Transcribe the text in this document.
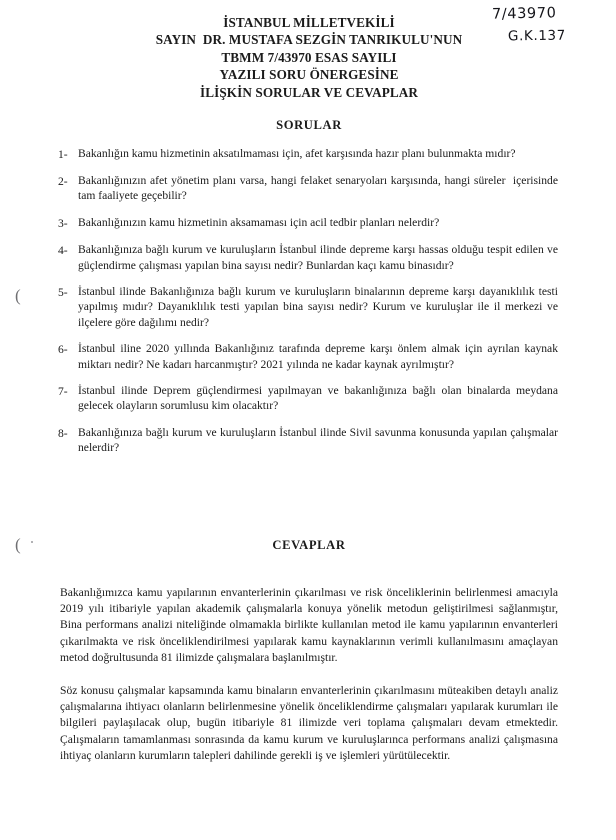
7/43970
G.K.137
(
(
İSTANBUL MİLLETVEKİLİ
SAYIN  DR. MUSTAFA SEZGİN TANRIKULU'NUN
TBMM 7/43970 ESAS SAYILI
YAZILI SORU ÖNERGESİNE
İLİŞKİN SORULAR VE CEVAPLAR
SORULAR
1- Bakanlığın kamu hizmetinin aksatılmaması için, afet karşısında hazır planı bulunmakta mıdır?
2- Bakanlığınızın afet yönetim planı varsa, hangi felaket senaryoları karşısında, hangi süreler  içerisinde tam faaliyete geçebilir?
3- Bakanlığınızın kamu hizmetinin aksamaması için acil tedbir planları nelerdir?
4- Bakanlığınıza bağlı kurum ve kuruluşların İstanbul ilinde depreme karşı hassas olduğu tespit edilen ve güçlendirme çalışması yapılan bina sayısı nedir? Bunlardan kaçı kamu binasıdır?
5- İstanbul ilinde Bakanlığınıza bağlı kurum ve kuruluşların binalarının depreme karşı dayanıklılık testi yapılmış mıdır? Dayanıklılık testi yapılan bina sayısı nedir? Kurum ve kuruluşlar ile il merkezi ve ilçelere göre dağılımı nedir?
6- İstanbul iline 2020 yıllında Bakanlığınız tarafında depreme karşı önlem almak için ayrılan kaynak miktarı nedir? Ne kadarı harcanmıştır? 2021 yılında ne kadar kaynak ayrılmıştır?
7- İstanbul ilinde Deprem güçlendirmesi yapılmayan ve bakanlığınıza bağlı olan binalarda meydana gelecek olayların sorumlusu kim olacaktır?
8- Bakanlığınıza bağlı kurum ve kuruluşların İstanbul ilinde Sivil savunma konusunda yapılan çalışmalar nelerdir?
CEVAPLAR
Bakanlığımızca kamu yapılarının envanterlerinin çıkarılması ve risk önceliklerinin belirlenmesi amacıyla 2019 yılı itibariyle yapılan akademik çalışmalarla konuya yönelik metodun geliştirilmesi sağlanmıştır, Bina performans analizi niteliğinde olmamakla birlikte kullanılan metod ile kamu yapılarının envanterleri çıkarılmakta ve risk önceliklendirilmesi yapılarak kamu kaynaklarının verimli kullanılmasını amaçlayan metod doğrultusunda 81 ilimizde çalışmalara başlanılmıştır.
Söz konusu çalışmalar kapsamında kamu binaların envanterlerinin çıkarılmasını müteakiben detaylı analiz çalışmalarına ihtiyacı olanların belirlenmesine yönelik önceliklendirme çalışmaları yapılarak kurumları ile bilgileri paylaşılacak olup, bugün itibariyle 81 ilimizde veri toplama çalışmaları devam etmektedir. Çalışmaların tamamlanması sonrasında da kamu kurum ve kuruluşlarınca performans analizi çalışmasına ihtiyaç olanların kurumların talepleri dahilinde gerekli iş ve işlemleri yürütülecektir.
